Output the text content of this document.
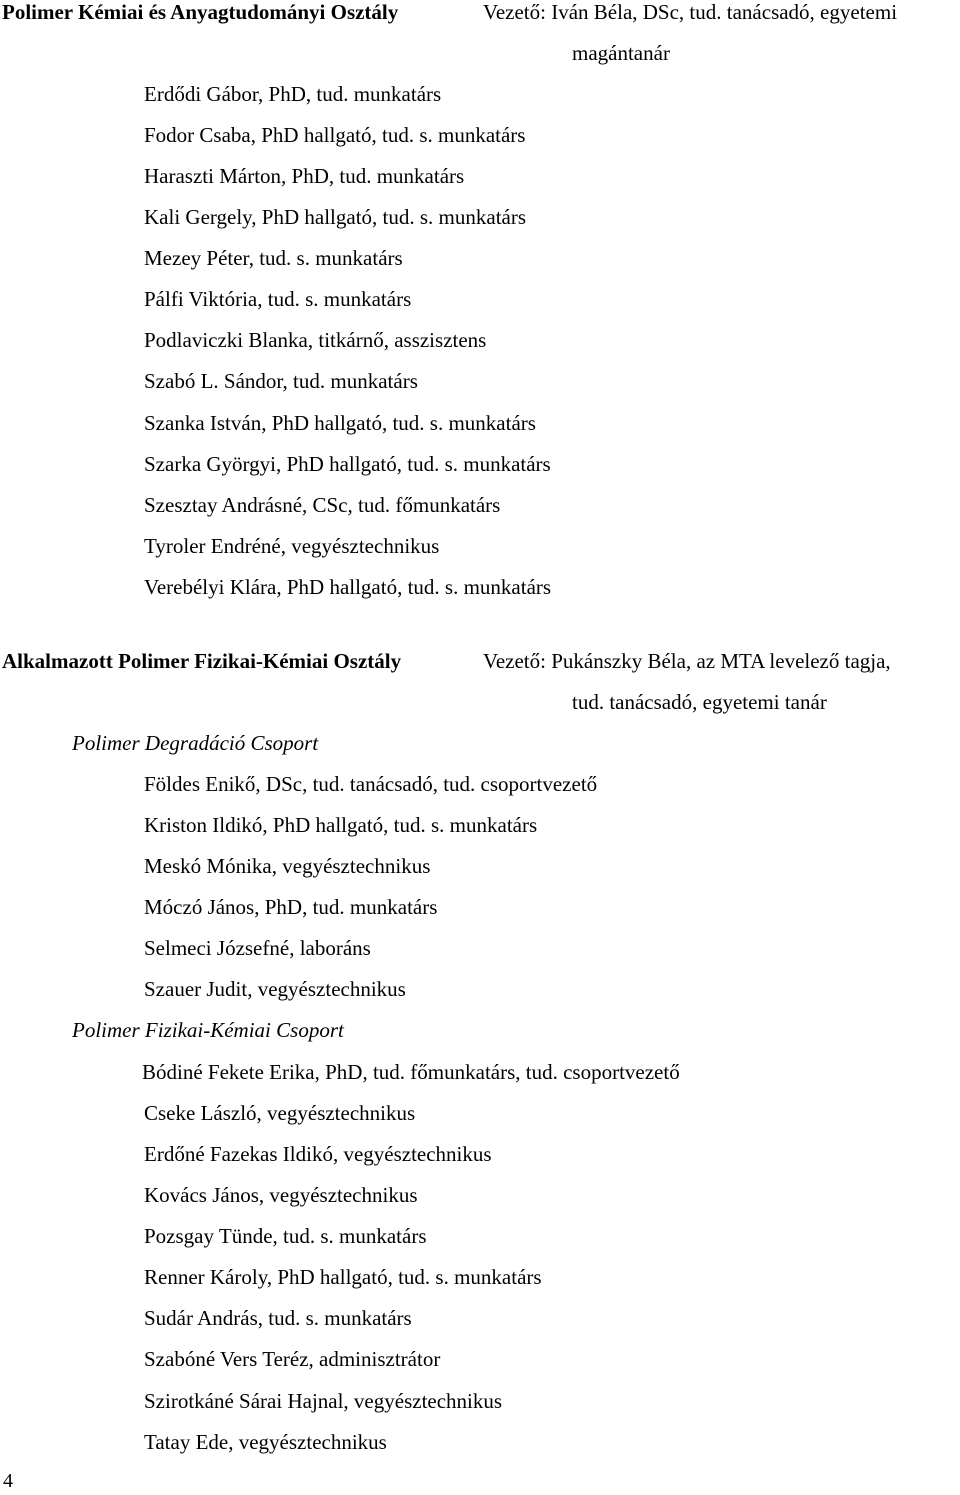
Polimer Kémiai és Anyagtudományi Osztály	Vezető: Iván Béla, DSc, tud. tanácsadó, egyetemi
magántanár
Erdődi Gábor, PhD, tud. munkatárs
Fodor Csaba, PhD hallgató, tud. s. munkatárs
Haraszti Márton, PhD, tud. munkatárs
Kali Gergely, PhD hallgató, tud. s. munkatárs
Mezey Péter, tud. s. munkatárs
Pálfi Viktória, tud. s. munkatárs
Podlaviczki Blanka, titkárnő, asszisztens
Szabó L. Sándor, tud. munkatárs
Szanka István, PhD hallgató, tud. s. munkatárs
Szarka Györgyi, PhD hallgató, tud. s. munkatárs
Szesztay Andrásné, CSc, tud. főmunkatárs
Tyroler Endréné, vegyésztechnikus
Verebélyi Klára, PhD hallgató, tud. s. munkatárs
Alkalmazott Polimer Fizikai-Kémiai Osztály	Vezető: Pukánszky Béla, az MTA levelező tagja,
tud. tanácsadó, egyetemi tanár
Polimer Degradáció Csoport
Földes Enikő, DSc, tud. tanácsadó, tud. csoportvezető
Kriston Ildikó, PhD hallgató, tud. s. munkatárs
Meskó Mónika, vegyésztechnikus
Móczó János, PhD, tud. munkatárs
Selmeci Józsefné, laboráns
Szauer Judit, vegyésztechnikus
Polimer Fizikai-Kémiai Csoport
Bódiné Fekete Erika, PhD, tud. főmunkatárs, tud. csoportvezető
Cseke László, vegyésztechnikus
Erdőné Fazekas Ildikó, vegyésztechnikus
Kovács János, vegyésztechnikus
Pozsgay Tünde, tud. s. munkatárs
Renner Károly, PhD hallgató, tud. s. munkatárs
Sudár András, tud. s. munkatárs
Szabóné Vers Teréz, adminisztrátor
Szirotkáné Sárai Hajnal, vegyésztechnikus
Tatay Ede, vegyésztechnikus
4
